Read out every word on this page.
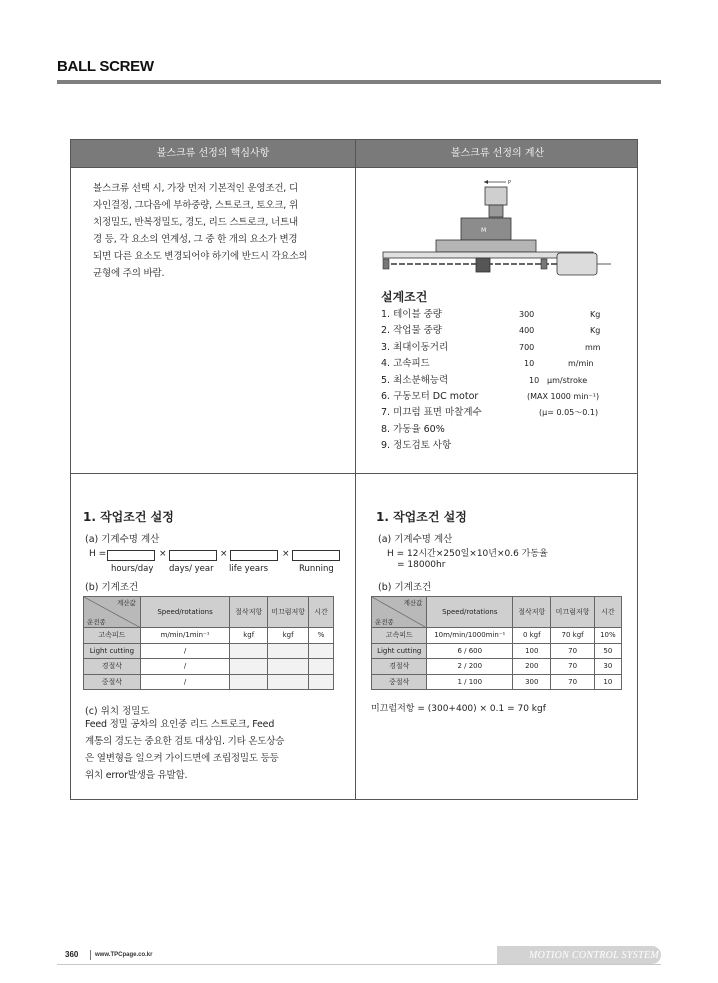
BALL SCREW
볼스크류 선정의 핵심사항	볼스크류 선정의 계산
볼스크류 선택 시, 가장 먼저 기본적인 운영조건, 디
자인결정, 그다음에 부하중량, 스트로크, 토오크, 위
치정밀도, 반복정밀도, 경도, 리드 스트로크, 너트내
경 등, 각 요소의 연계성, 그 중 한 개의 요소가 변경
되면 다른 요소도 변경되어야 하기에 반드시 각요소의
균형에 주의 바람.
P
M
설계조건
1. 테이블 중량	300	Kg
2. 작업물 중량	400	Kg
3. 최대이동거리	700	mm
4. 고속피드	10	m/min
5. 최소분해능력	10 μm/stroke
6. 구동모터 DC motor	(MAX 1000 min⁻¹)
7. 미끄럼 표면 마찰계수	(μ= 0.05～0.1)
8. 가동율 60%
9. 정도검토 사항
1. 작업조건 설정
(a) 기계수명 계산
H =	×	×	×
hours/day days/ year life years	Running
(b) 기계조건
계산값
운전종	Speed/rotations	절삭저항	미끄럼저항	시간
고속피드	m/min/1min⁻¹	kgf	kgf	%
Light cutting	/			
경절삭	/			
중절삭	/			
(c) 위치 정밀도
Feed 정밀 공차의 요인중 리드 스트로크, Feed
계통의 경도는 중요한 검토 대상임. 기타 온도상승
은 열변형을 일으켜 가이드면에 조립정밀도 등등
위치 error발생을 유발함.
1. 작업조건 설정
(a) 기계수명 계산
H = 12시간×250일×10년×0.6 가동율
= 18000hr
(b) 기계조건
계산값
운전종	Speed/rotations	절삭저항	미끄럼저항	시간
고속피드	10m/min/1000min⁻¹	0 kgf	70 kgf	10%
Light cutting	6 / 600	100	70	50
경절삭	2 / 200	200	70	30
중절삭	1 / 100	300	70	10
미끄럼저항 = (300+400) × 0.1 = 70 kgf
360	www.TPCpage.co.kr	MOTION CONTROL SYSTEM
